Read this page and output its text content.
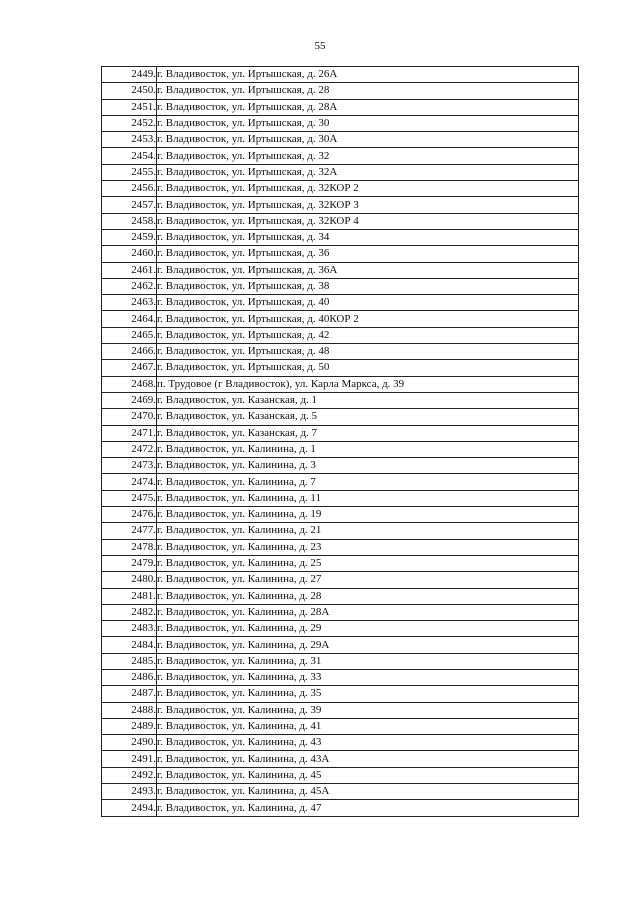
55
2449.	г. Владивосток, ул. Иртышская, д. 26А
2450.	г. Владивосток, ул. Иртышская, д. 28
2451.	г. Владивосток, ул. Иртышская, д. 28А
2452.	г. Владивосток, ул. Иртышская, д. 30
2453.	г. Владивосток, ул. Иртышская, д. 30А
2454.	г. Владивосток, ул. Иртышская, д. 32
2455.	г. Владивосток, ул. Иртышская, д. 32А
2456.	г. Владивосток, ул. Иртышская, д. 32КОР 2
2457.	г. Владивосток, ул. Иртышская, д. 32КОР 3
2458.	г. Владивосток, ул. Иртышская, д. 32КОР 4
2459.	г. Владивосток, ул. Иртышская, д. 34
2460.	г. Владивосток, ул. Иртышская, д. 36
2461.	г. Владивосток, ул. Иртышская, д. 36А
2462.	г. Владивосток, ул. Иртышская, д. 38
2463.	г. Владивосток, ул. Иртышская, д. 40
2464.	г. Владивосток, ул. Иртышская, д. 40КОР 2
2465.	г. Владивосток, ул. Иртышская, д. 42
2466.	г. Владивосток, ул. Иртышская, д. 48
2467.	г. Владивосток, ул. Иртышская, д. 50
2468.	п. Трудовое (г Владивосток), ул. Карла Маркса, д. 39
2469.	г. Владивосток, ул. Казанская, д. 1
2470.	г. Владивосток, ул. Казанская, д. 5
2471.	г. Владивосток, ул. Казанская, д. 7
2472.	г. Владивосток, ул. Калинина, д. 1
2473.	г. Владивосток, ул. Калинина, д. 3
2474.	г. Владивосток, ул. Калинина, д. 7
2475.	г. Владивосток, ул. Калинина, д. 11
2476.	г. Владивосток, ул. Калинина, д. 19
2477.	г. Владивосток, ул. Калинина, д. 21
2478.	г. Владивосток, ул. Калинина, д. 23
2479.	г. Владивосток, ул. Калинина, д. 25
2480.	г. Владивосток, ул. Калинина, д. 27
2481.	г. Владивосток, ул. Калинина, д. 28
2482.	г. Владивосток, ул. Калинина, д. 28А
2483.	г. Владивосток, ул. Калинина, д. 29
2484.	г. Владивосток, ул. Калинина, д. 29А
2485.	г. Владивосток, ул. Калинина, д. 31
2486.	г. Владивосток, ул. Калинина, д. 33
2487.	г. Владивосток, ул. Калинина, д. 35
2488.	г. Владивосток, ул. Калинина, д. 39
2489.	г. Владивосток, ул. Калинина, д. 41
2490.	г. Владивосток, ул. Калинина, д. 43
2491.	г. Владивосток, ул. Калинина, д. 43А
2492.	г. Владивосток, ул. Калинина, д. 45
2493.	г. Владивосток, ул. Калинина, д. 45А
2494.	г. Владивосток, ул. Калинина, д. 47
